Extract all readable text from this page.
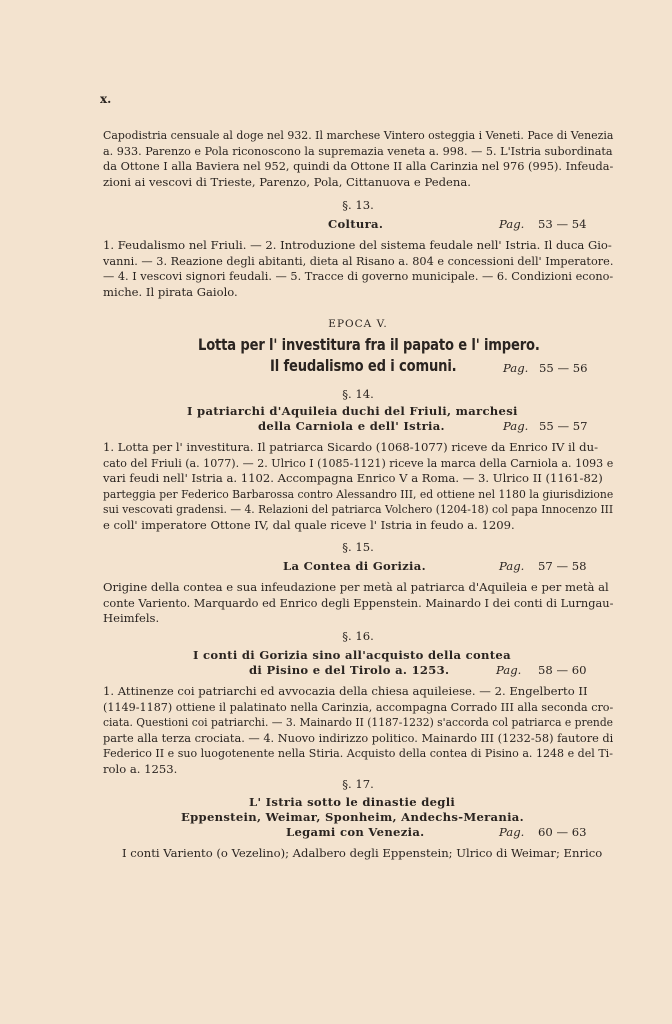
x.
Capodistria censuale al doge nel 932. Il marchese Vintero osteggia i Veneti. Pace di Venezia
a. 933. Parenzo e Pola riconoscono la supremazia veneta a. 998. — 5. L'Istria subordinata
da Ottone I alla Baviera nel 952, quindi da Ottone II alla Carinzia nel 976 (995). Infeuda-
zioni ai vescovi di Trieste, Parenzo, Pola, Cittanuova e Pedena.
§. 13.
Coltura.	Pag. 53 — 54
1. Feudalismo nel Friuli. — 2. Introduzione del sistema feudale nell' Istria. Il duca Gio-
vanni. — 3. Reazione degli abitanti, dieta al Risano a. 804 e concessioni dell' Imperatore.
— 4. I vescovi signori feudali. — 5. Tracce di governo municipale. — 6. Condizioni econo-
miche. Il pirata Gaiolo.
EPOCA V.
Lotta per l' investitura fra il papato e l' impero.
Il feudalismo ed i comuni.	Pag. 55 — 56
§. 14.
I patriarchi d'Aquileia duchi del Friuli, marchesi
della Carniola e dell' Istria.	Pag. 55 — 57
1. Lotta per l' investitura. Il patriarca Sicardo (1068-1077) riceve da Enrico IV il du-
cato del Friuli (a. 1077). — 2. Ulrico I (1085-1121) riceve la marca della Carniola a. 1093 e
vari feudi nell' Istria a. 1102. Accompagna Enrico V a Roma. — 3. Ulrico II (1161-82)
parteggia per Federico Barbarossa contro Alessandro III, ed ottiene nel 1180 la giurisdizione
sui vescovati gradensi. — 4. Relazioni del patriarca Volchero (1204-18) col papa Innocenzo III
e coll' imperatore Ottone IV, dal quale riceve l' Istria in feudo a. 1209.
§. 15.
La Contea di Gorizia.	Pag. 57 — 58
Origine della contea e sua infeudazione per metà al patriarca d'Aquileia e per metà al
conte Variento. Marquardo ed Enrico degli Eppenstein. Mainardo I dei conti di Lurngau-
Heimfels.
§. 16.
I conti di Gorizia sino all'acquisto della contea
di Pisino e del Tirolo a. 1253.	Pag. 58 — 60
1. Attinenze coi patriarchi ed avvocazia della chiesa aquileiese. — 2. Engelberto II
(1149-1187) ottiene il palatinato nella Carinzia, accompagna Corrado III alla seconda cro-
ciata. Questioni coi patriarchi. — 3. Mainardo II (1187-1232) s'accorda col patriarca e prende
parte alla terza crociata. — 4. Nuovo indirizzo politico. Mainardo III (1232-58) fautore di
Federico II e suo luogotenente nella Stiria. Acquisto della contea di Pisino a. 1248 e del Ti-
rolo a. 1253.
§. 17.
L' Istria sotto le dinastie degli
Eppenstein, Weimar, Sponheim, Andechs-Merania.
Legami con Venezia.	Pag. 60 — 63
I conti Variento (o Vezelino); Adalbero degli Eppenstein; Ulrico di Weimar; Enrico
